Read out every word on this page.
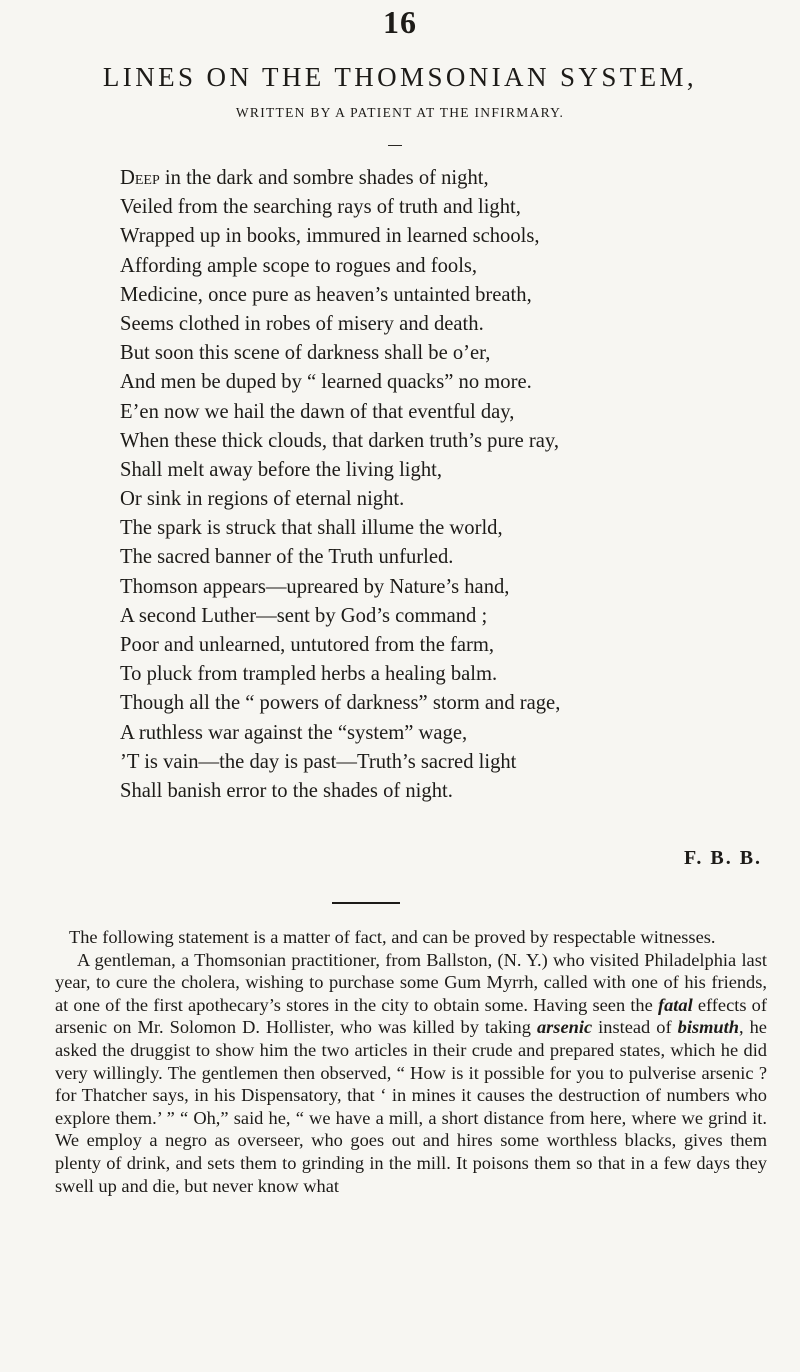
16
LINES ON THE THOMSONIAN SYSTEM,
WRITTEN BY A PATIENT AT THE INFIRMARY.
Deep in the dark and sombre shades of night,
Veiled from the searching rays of truth and light,
Wrapped up in books, immured in learned schools,
Affording ample scope to rogues and fools,
Medicine, once pure as heaven’s untainted breath,
Seems clothed in robes of misery and death.
But soon this scene of darkness shall be o’er,
And men be duped by “ learned quacks” no more.
E’en now we hail the dawn of that eventful day,
When these thick clouds, that darken truth’s pure ray,
Shall melt away before the living light,
Or sink in regions of eternal night.
The spark is struck that shall illume the world,
The sacred banner of the Truth unfurled.
Thomson appears—upreared by Nature’s hand,
A second Luther—sent by God’s command ;
Poor and unlearned, untutored from the farm,
To pluck from trampled herbs a healing balm.
Though all the “ powers of darkness” storm and rage,
A ruthless war against the “system” wage,
’T is vain—the day is past—Truth’s sacred light
Shall banish error to the shades of night.
F. B. B.

The following statement is a matter of fact, and can be proved by respectable witnesses.

A gentleman, a Thomsonian practitioner, from Ballston, (N. Y.) who visited Philadelphia last year, to cure the cholera, wishing to purchase some Gum Myrrh, called with one of his friends, at one of the first apothecary’s stores in the city to obtain some. Having seen the fatal effects of arsenic on Mr. Solomon D. Hollister, who was killed by taking arsenic instead of bismuth, he asked the druggist to show him the two articles in their crude and prepared states, which he did very willingly. The gentlemen then observed, “ How is it possible for you to pulverise arsenic ? for Thatcher says, in his Dispensatory, that ‘ in mines it causes the destruction of numbers who explore them.’ ” “ Oh,” said he, “ we have a mill, a short distance from here, where we grind it. We employ a negro as overseer, who goes out and hires some worthless blacks, gives them plenty of drink, and sets them to grinding in the mill. It poisons them so that in a few days they swell up and die, but never know what
